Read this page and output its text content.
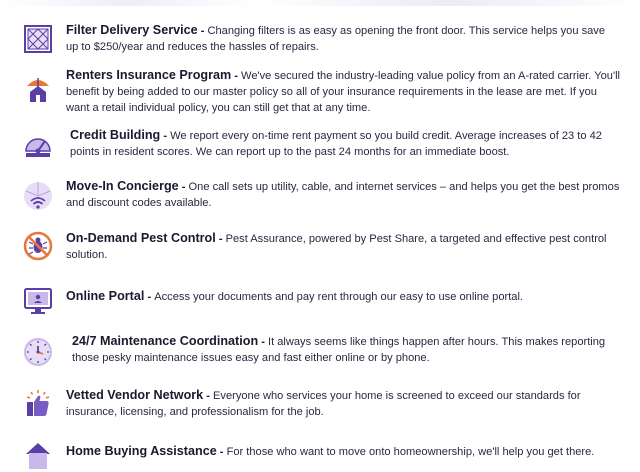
Filter Delivery Service - Changing filters is as easy as opening the front door. This service helps you save up to $250/year and reduces the hassles of repairs.
Renters Insurance Program - We've secured the industry-leading value policy from an A-rated carrier. You'll benefit by being added to our master policy so all of your insurance requirements in the lease are met. If you want a retail individual policy, you can still get that at any time.
Credit Building - We report every on-time rent payment so you build credit. Average increases of 23 to 42 points in resident scores. We can report up to the past 24 months for an immediate boost.
Move-In Concierge - One call sets up utility, cable, and internet services – and helps you get the best promos and discount codes available.
On-Demand Pest Control - Pest Assurance, powered by Pest Share, a targeted and effective pest control solution.
Online Portal - Access your documents and pay rent through our easy to use online portal.
24/7 Maintenance Coordination - It always seems like things happen after hours. This makes reporting those pesky maintenance issues easy and fast either online or by phone.
Vetted Vendor Network - Everyone who services your home is screened to exceed our standards for insurance, licensing, and professionalism for the job.
Home Buying Assistance - For those who want to move onto homeownership, we'll help you get there.
